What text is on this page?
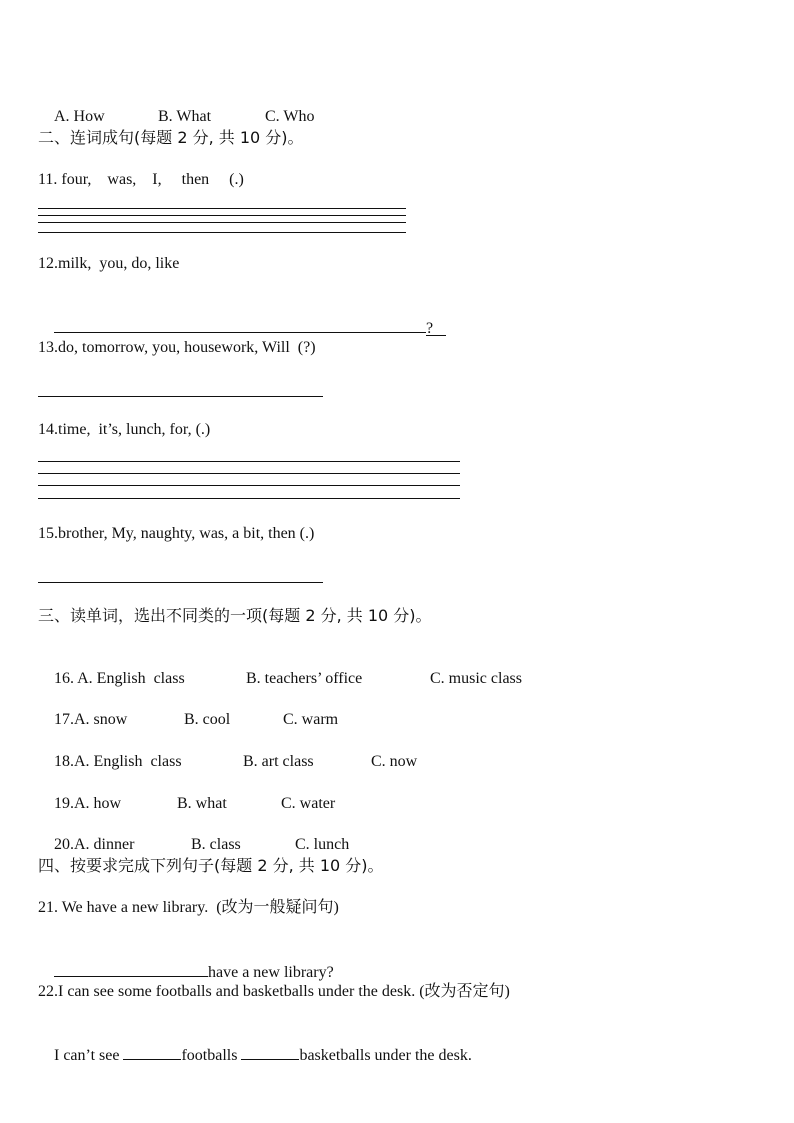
A. How	B. What	C. Who

二、连词成句(每题 2 分, 共 10 分)。
11. four,    was,    I,     then     (.)
12.milk,  you, do, like

?

13.do, tomorrow, you, housework, Will  (?)
14.time,  it’s, lunch, for, (.)
15.brother, My, naughty, was, a bit, then (.)
三、读单词，选出不同类的一项(每题 2 分, 共 10 分)。

16. A. English  class	B. teachers’ office	C. music class

17.A. snow	B. cool	C. warm

18.A. English  class	B. art class	C. now

19.A. how	B. what	C. water

20.A. dinner	B. class	C. lunch

四、按要求完成下列句子(每题 2 分, 共 10 分)。
21. We have a new library.  (改为一般疑问句)

have a new library?

22.I can see some footballs and basketballs under the desk. (改为否定句)

I can’t see	footballs	basketballs under the desk.
